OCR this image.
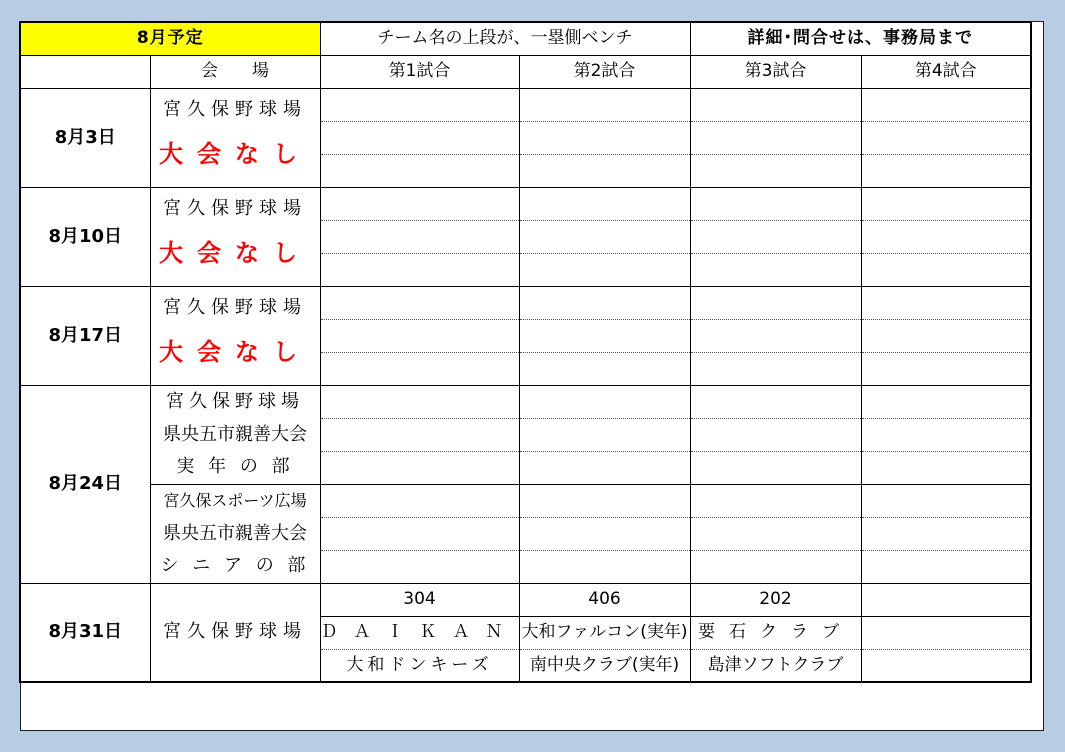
8月予定		チーム名の上段が、一塁側ベンチ		詳細･問合せは、事務局まで	
	会　　場	第1試合	第2試合	第3試合	第4試合
8月3日	宮久保野球場
大会なし				

8月10日	宮久保野球場
大会なし				

8月17日	宮久保野球場
大会なし				

8月24日	宮久保野球場				
	県央五市親善大会				
	実 年 の 部				
	宮久保スポーツ広場				
	県央五市親善大会				
	シ ニ ア の 部				
8月31日	宮久保野球場	304	406	202	
		ＤＡＩＫＡＮ	大和ファルコン(実年)	要石クラブ	
		大和ドンキーズ	南中央クラブ(実年)	島津ソフトクラブ	
